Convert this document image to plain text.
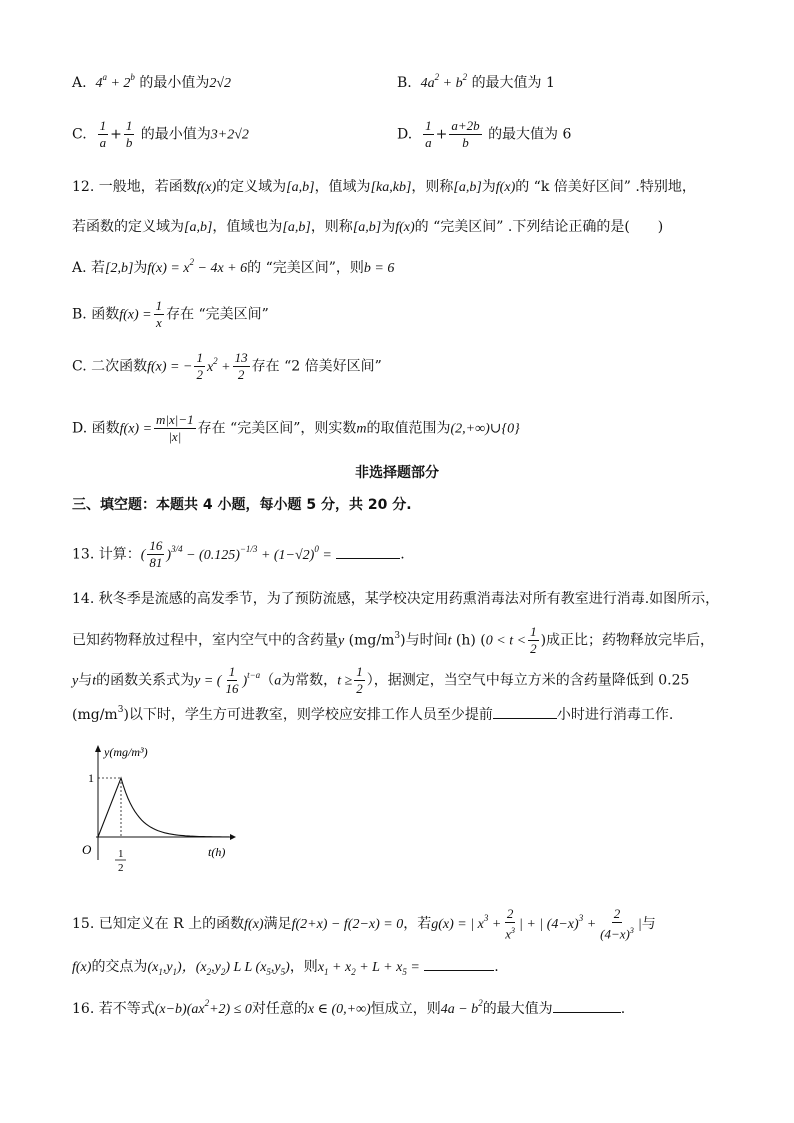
A. $4^a + 2^b$ 的最小值为2√2	B. $4a^2 + b^2$ 的最大值为 1
C. $\frac{1}{a} + \frac{1}{b}$ 的最小值为3+2√2	D. $\frac{1}{a} + \frac{a+2b}{b}$ 的最大值为 6
12. 一般地，若函数f(x)的定义域为[a,b]，值域为[ka,kb]，则称[a,b]为f(x)的 “k 倍美好区间” .特别地，
若函数的定义域为[a,b]，值域也为[a,b]，则称[a,b]为f(x)的 “完美区间” .下列结论正确的是(　　)
A. 若[2,b]为$f(x) = x^2 - 4x + 6$的 “完美区间”，则b = 6
B. 函数$f(x) = \frac{1}{x}$ 存在 “完美区间”
C. 二次函数f(x) = − $\frac{1}{2} x^2 + \frac{13}{2}$ 存在 “2 倍美好区间”
D. 函数$f(x) = \frac{m|x|-1}{|x|}$ 存在 “完美区间”，则实数m的取值范围为(2,+∞)∪{0}
非选择题部分
三、填空题：本题共 4 小题，每小题 5 分，共 20 分.
13. 计算：( $\frac{16}{81} )^{3/4} - (0.125)^{-1/3} + (1-√2)^0$ =	.
14. 秋冬季是流感的高发季节，为了预防流感，某学校决定用药熏消毒法对所有教室进行消毒.如图所示，
已知药物释放过程中，室内空气中的含药量y $(mg/m^3)$与时间t (h) ($0 < t < \frac{1}{2}$ )成正比；药物释放完毕后，
y与t的函数关系式为y = ( $\frac{1}{16} )^{t-a}(a$为常数，$t \ge \frac{1}{2}$ ），据测定，当空气中每立方米的含药量降低到 0.25
$(mg/m^3)$以下时，学生方可进教室，则学校应安排工作人员至少提前	小时进行消毒工作.
y(mg/m³)
t(h)
O
1
1
2
15. 已知定义在 R 上的函数f(x)满足f(2+x) − f(2−x) = 0，若g(x) = | $x^3 + \frac{2}{x^3}$ | + | $(4-x)^3 + \frac{2}{(4-x)^3}$ |与
f(x)的交点为$(x_1,y_1)$，$(x_2,y_2)$ L L $(x_5,y_5)$，则$x_1 + x_2 + L + x_5$ =	.
16. 若不等式$(x-b)(ax^2+2) \le 0$对任意的x ∈ (0,+∞)恒成立，则$4a - b^2$的最大值为	.
